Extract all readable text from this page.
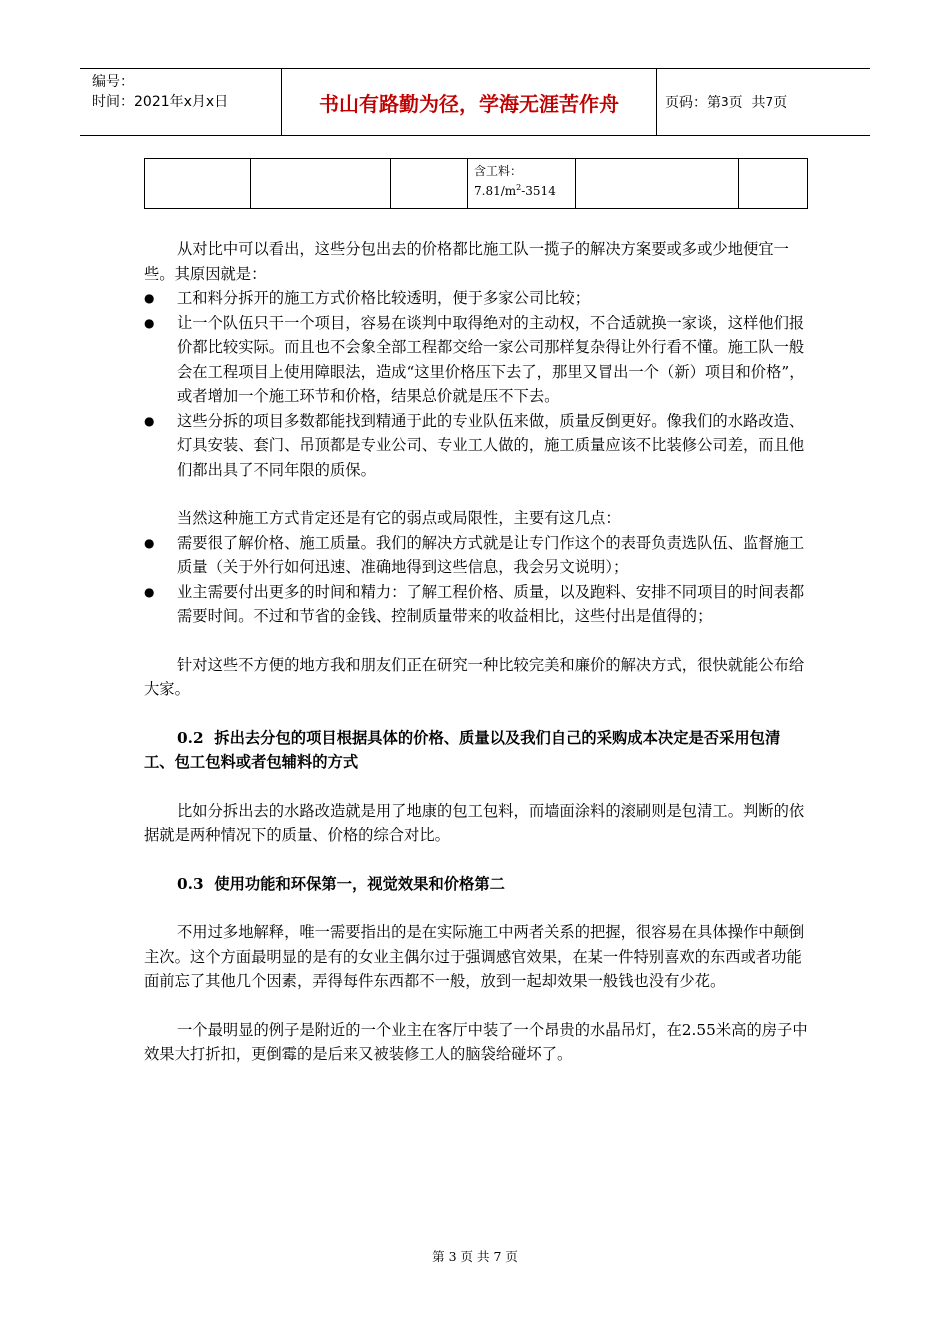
编号：
时间：2021年x月x日	书山有路勤为径，学海无涯苦作舟	页码：第 3 页  共 7 页

含工料：
$7.81/m^2-3514$

从对比中可以看出，这些分包出去的价格都比施工队一揽子的解决方案要或多或少地便宜一些。其原因就是：

● 工和料分拆开的施工方式价格比较透明，便于多家公司比较；
● 让一个队伍只干一个项目，容易在谈判中取得绝对的主动权，不合适就换一家谈，这样他们报价都比较实际。而且也不会象全部工程都交给一家公司那样复杂得让外行看不懂。施工队一般会在工程项目上使用障眼法，造成“这里价格压下去了，那里又冒出一个（新）项目和价格”，或者增加一个施工环节和价格，结果总价就是压不下去。
● 这些分拆的项目多数都能找到精通于此的专业队伍来做，质量反倒更好。像我们的水路改造、灯具安装、套门、吊顶都是专业公司、专业工人做的，施工质量应该不比装修公司差，而且他们都出具了不同年限的质保。

当然这种施工方式肯定还是有它的弱点或局限性，主要有这几点：

● 需要很了解价格、施工质量。我们的解决方式就是让专门作这个的表哥负责选队伍、监督施工质量（关于外行如何迅速、准确地得到这些信息，我会另文说明）；
● 业主需要付出更多的时间和精力：了解工程价格、质量，以及跑料、安排不同项目的时间表都需要时间。不过和节省的金钱、控制质量带来的收益相比，这些付出是值得的；

针对这些不方便的地方我和朋友们正在研究一种比较完美和廉价的解决方式，很快就能公布给大家。

0.2 拆出去分包的项目根据具体的价格、质量以及我们自己的采购成本决定是否采用包清工、包工包料或者包辅料的方式

比如分拆出去的水路改造就是用了地康的包工包料，而墙面涂料的滚刷则是包清工。判断的依据就是两种情况下的质量、价格的综合对比。

0.3 使用功能和环保第一，视觉效果和价格第二

不用过多地解释，唯一需要指出的是在实际施工中两者关系的把握，很容易在具体操作中颠倒主次。这个方面最明显的是有的女业主偶尔过于强调感官效果，在某一件特别喜欢的东西或者功能面前忘了其他几个因素，弄得每件东西都不一般，放到一起却效果一般钱也没有少花。

一个最明显的例子是附近的一个业主在客厅中装了一个昂贵的水晶吊灯，在2.55米高的房子中效果大打折扣，更倒霉的是后来又被装修工人的脑袋给碰坏了。

第 3 页 共 7 页
